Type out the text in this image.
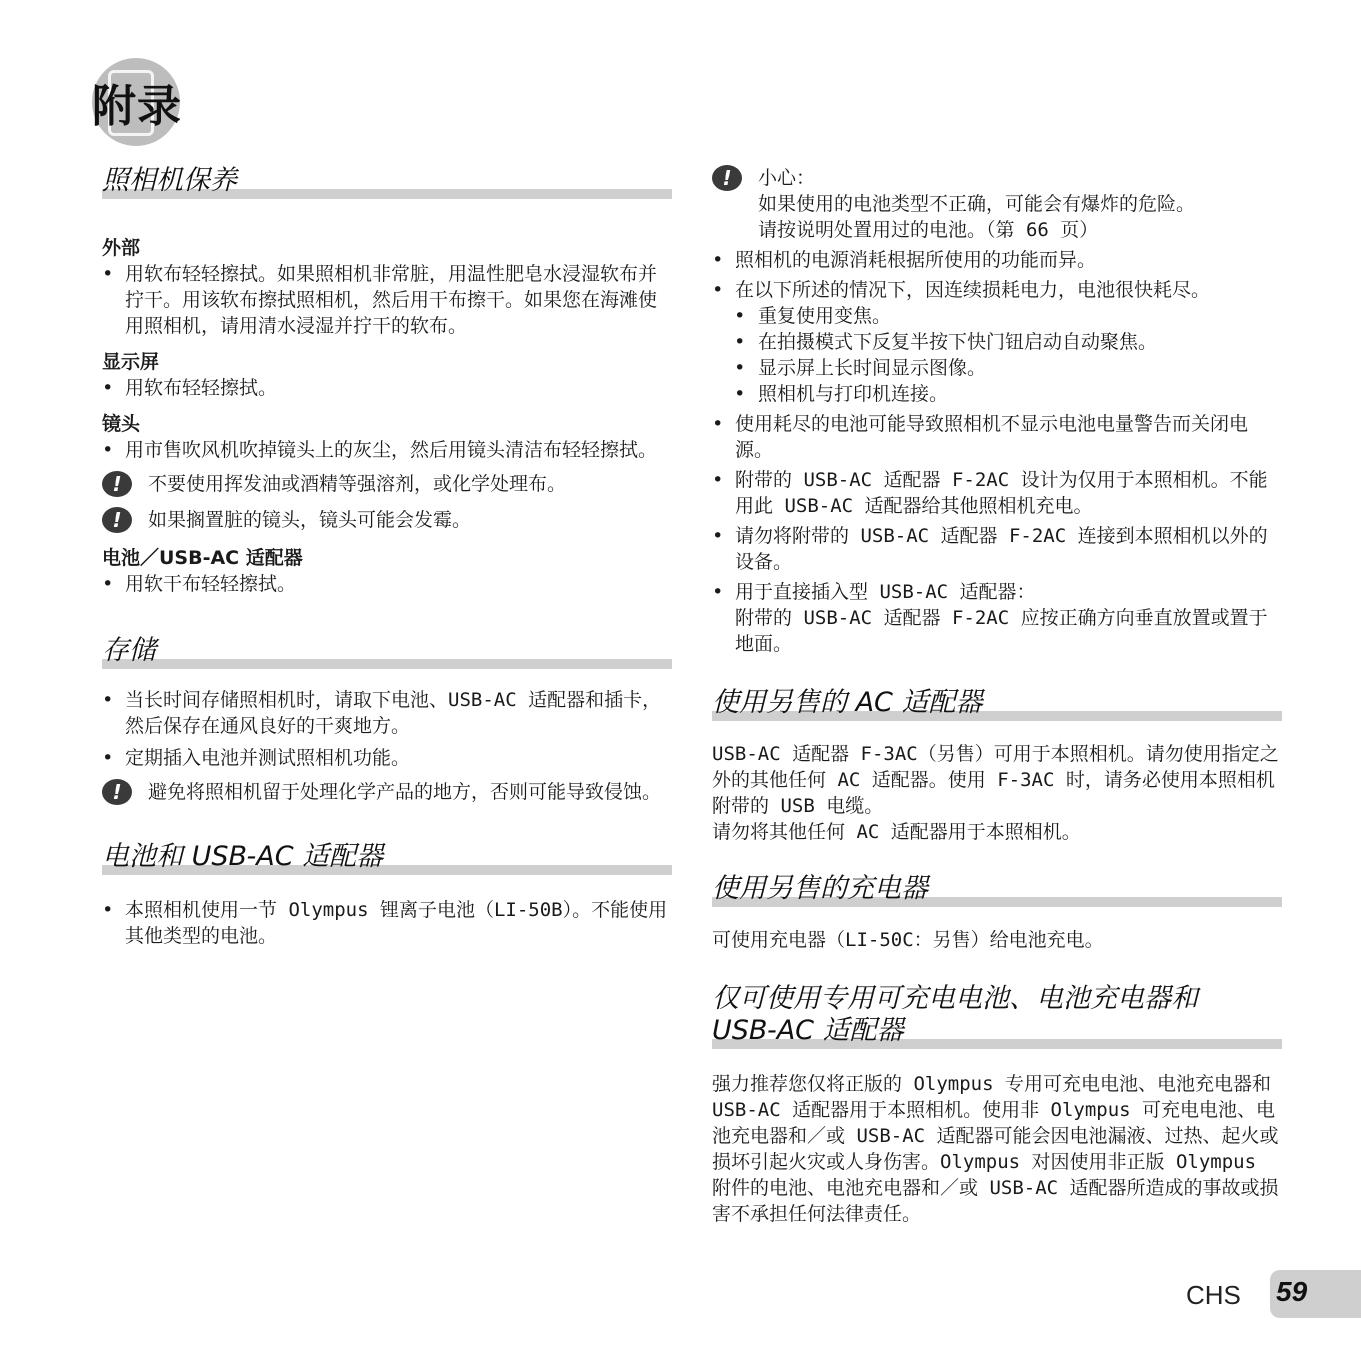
附录
照相机保养
外部
• 用软布轻轻擦拭。如果照相机非常脏，用温性肥皂水浸湿软布并拧干。用该软布擦拭照相机，然后用干布擦干。如果您在海滩使用照相机，请用清水浸湿并拧干的软布。
显示屏
• 用软布轻轻擦拭。
镜头
• 用市售吹风机吹掉镜头上的灰尘，然后用镜头清洁布轻轻擦拭。
!	不要使用挥发油或酒精等强溶剂，或化学处理布。
!	如果搁置脏的镜头，镜头可能会发霉。
电池／USB-AC 适配器
• 用软干布轻轻擦拭。
存储
• 当长时间存储照相机时，请取下电池、USB-AC 适配器和插卡，然后保存在通风良好的干爽地方。
• 定期插入电池并测试照相机功能。
!	避免将照相机留于处理化学产品的地方，否则可能导致侵蚀。
电池和 USB-AC 适配器
• 本照相机使用一节 Olympus 锂离子电池（LI-50B）。不能使用其他类型的电池。
!	小心：
如果使用的电池类型不正确，可能会有爆炸的危险。
请按说明处置用过的电池。（第 66 页）
• 照相机的电源消耗根据所使用的功能而异。
• 在以下所述的情况下，因连续损耗电力，电池很快耗尽。
• 重复使用变焦。
• 在拍摄模式下反复半按下快门钮启动自动聚焦。
• 显示屏上长时间显示图像。
• 照相机与打印机连接。
• 使用耗尽的电池可能导致照相机不显示电池电量警告而关闭电源。
• 附带的 USB-AC 适配器 F-2AC 设计为仅用于本照相机。不能用此 USB-AC 适配器给其他照相机充电。
• 请勿将附带的 USB-AC 适配器 F-2AC 连接到本照相机以外的设备。
• 用于直接插入型 USB-AC 适配器：
附带的 USB-AC 适配器 F-2AC 应按正确方向垂直放置或置于地面。
使用另售的 AC 适配器

USB-AC 适配器 F-3AC（另售）可用于本照相机。请勿使用指定之外的其他任何 AC 适配器。使用 F-3AC 时，请务必使用本照相机附带的 USB 电缆。

请勿将其他任何 AC 适配器用于本照相机。

使用另售的充电器

可使用充电器（LI-50C：另售）给电池充电。

仅可使用专用可充电电池、电池充电器和
USB-AC 适配器

强力推荐您仅将正版的 Olympus 专用可充电电池、电池充电器和 USB-AC 适配器用于本照相机。使用非 Olympus 可充电电池、电池充电器和／或 USB-AC 适配器可能会因电池漏液、过热、起火或损坏引起火灾或人身伤害。Olympus 对因使用非正版 Olympus 附件的电池、电池充电器和／或 USB-AC 适配器所造成的事故或损害不承担任何法律责任。

CHS 59
